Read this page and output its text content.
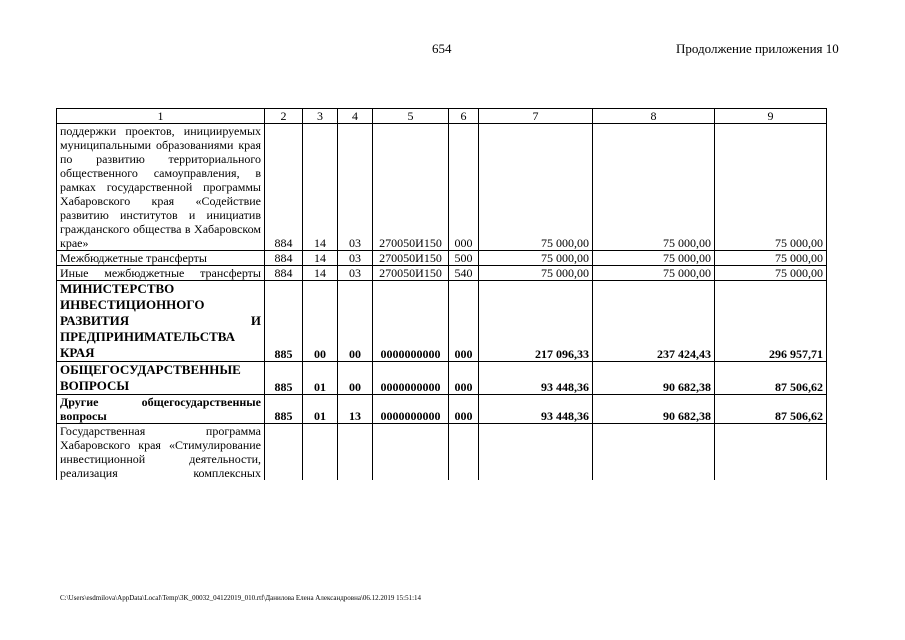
654	Продолжение приложения 10
1	2	3	4	5	6	7	8	9
поддержки проектов, инициируемых муниципальными образованиями края по развитию территориального общественного самоуправления, в рамках государственной программы Хабаровского края «Содействие развитию институтов и инициатив гражданского общества в Хабаровском крае»	884	14	03	270050И150	000	75 000,00	75 000,00	75 000,00
Межбюджетные трансферты	884	14	03	270050И150	500	75 000,00	75 000,00	75 000,00
Иные межбюджетные трансферты	884	14	03	270050И150	540	75 000,00	75 000,00	75 000,00
МИНИСТЕРСТВО ИНВЕСТИЦИОННОГО РАЗВИТИЯ И ПРЕДПРИНИМАТЕЛЬСТВА КРАЯ	885	00	00	0000000000	000	217 096,33	237 424,43	296 957,71
ОБЩЕГОСУДАРСТВЕННЫЕ ВОПРОСЫ	885	01	00	0000000000	000	93 448,36	90 682,38	87 506,62
Другие общегосударственные вопросы	885	01	13	0000000000	000	93 448,36	90 682,38	87 506,62
Государственная программа Хабаровского края «Стимулирование инвестиционной деятельности, реализация комплексных								
C:\Users\esdmilova\AppData\Local\Temp\3K_00032_04122019_010.rtf\Данилова Елена Александровна\06.12.2019 15:51:14
